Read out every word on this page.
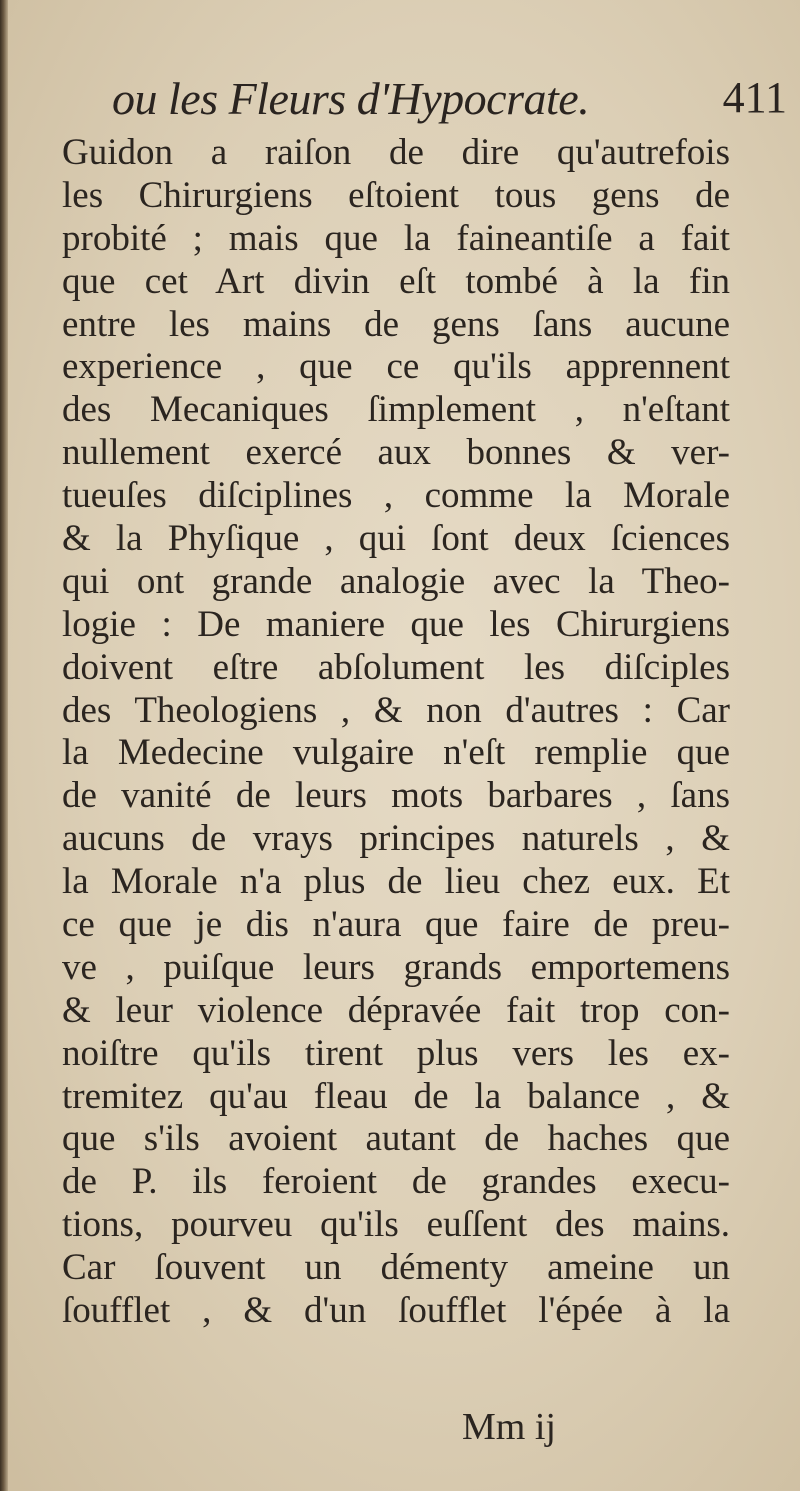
ou les Fleurs d'Hypocrate.	411
Guidon a raiſon de dire qu'autrefois
les Chirurgiens eſtoient tous gens de
probité ; mais que la faineantiſe a fait
que cet Art divin eſt tombé à la fin
entre les mains de gens ſans aucune
experience , que ce qu'ils apprennent
des Mecaniques ſimplement , n'eſtant
nullement exercé aux bonnes & ver-
tueuſes diſciplines , comme la Morale
& la Phyſique , qui ſont deux ſciences
qui ont grande analogie avec la Theo-
logie : De maniere que les Chirurgiens
doivent eſtre abſolument les diſciples
des Theologiens , & non d'autres : Car
la Medecine vulgaire n'eſt remplie que
de vanité de leurs mots barbares , ſans
aucuns de vrays principes naturels , &
la Morale n'a plus de lieu chez eux. Et
ce que je dis n'aura que faire de preu-
ve , puiſque leurs grands emportemens
& leur violence dépravée fait trop con-
noiſtre qu'ils tirent plus vers les ex-
tremitez qu'au fleau de la balance , &
que s'ils avoient autant de haches que
de P. ils feroient de grandes execu-
tions, pourveu qu'ils euſſent des mains.
Car ſouvent un démenty ameine un
ſoufflet , & d'un ſoufflet l'épée à la
Mm ij
